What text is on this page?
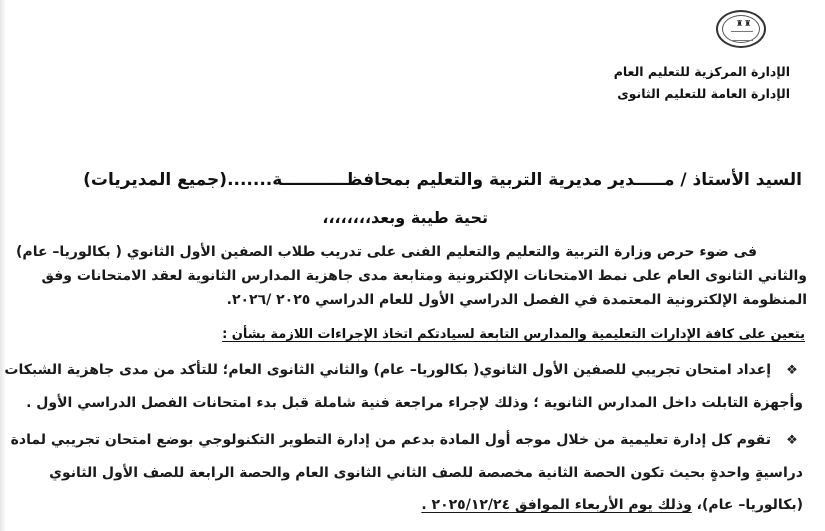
♜♜
الإدارة المركزية للتعليم العام
الإدارة العامة للتعليم الثانوى
السيد الأستاذ / مـــــدير مديرية التربية والتعليم بمحافظـــــــــــة.......
(جميع المديريات)
تحية طيبة وبعد،،،،،،،،
فى ضوء حرص وزارة التربية والتعليم والتعليم الفنى على تدريب طلاب الصفين الأول الثانوي ( بكالوريا– عام)
والثاني الثانوى العام على نمط الامتحانات الإلكترونية ومتابعة مدى جاهزية المدارس الثانوية لعقد الامتحانات وفق
المنظومة الإلكترونية المعتمدة في الفصل الدراسي الأول للعام الدراسي ٢٠٢٥ /٢٠٢٦.
يتعين على كافة الإدارات التعليمية والمدارس التابعة لسيادتكم اتخاذ الإجراءات اللازمة بشأن :
❖إعداد امتحان تجريبي للصفين الأول الثانوي( بكالوريا– عام) والثاني الثانوى العام؛ للتأكد من مدى جاهزية الشبكات
وأجهزة التابلت داخل المدارس الثانوية ؛ وذلك لإجراء مراجعة فنية شاملة قبل بدء امتحانات الفصل الدراسي الأول .
❖تقوم كل إدارة تعليمية من خلال موجه أول المادة بدعم من إدارة التطوير التكنولوجي بوضع امتحان تجريبي لمادة
دراسيةٍ واحدةٍ بحيث تكون الحصة الثانية مخصصة للصف الثاني الثانوى العام والحصة الرابعة للصف الأول الثانوي
(بكالوريا– عام)، وذلك يوم الأربعاء الموافق ٢٠٢٥/١٢/٢٤ .
